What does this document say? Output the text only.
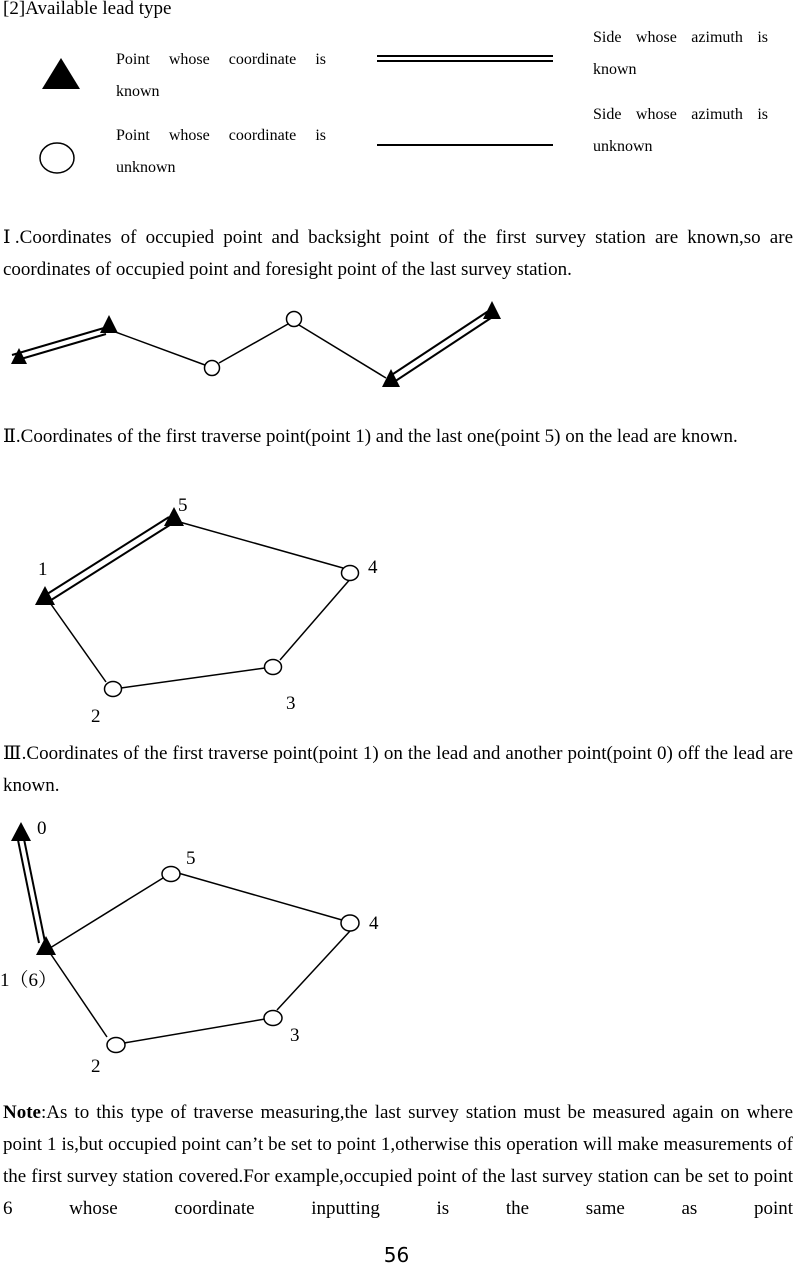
[2]Available lead type
Point whose coordinate is known
Point whose coordinate is unknown
Side whose azimuth is known
Side whose azimuth is unknown
Ⅰ.Coordinates of occupied point and backsight point of the first survey station are known,so are coordinates of occupied point and foresight point of the last survey station.
Ⅱ.Coordinates of the first traverse point(point 1) and the last one(point 5) on the lead are known.
1
5
4
3
2
Ⅲ.Coordinates of the first traverse point(point 1) on the lead and another point(point 0) off the lead are known.
0
5
4
1（6）
3
2
Note:As to this type of traverse measuring,the last survey station must be measured again on where point 1 is,but occupied point can’t be set to point 1,otherwise this operation will make measurements of the first survey station covered.For example,occupied point of the last survey station can be set to point 6 whose coordinate inputting is the same as point
56
